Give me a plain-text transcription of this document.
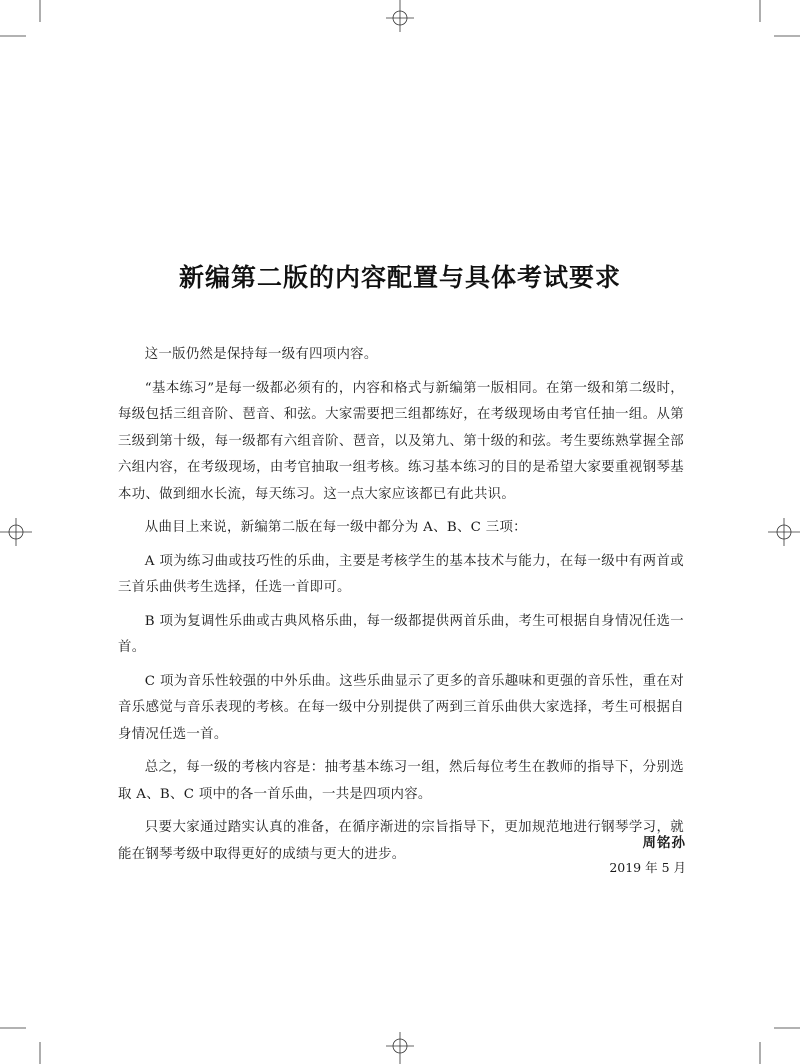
新编第二版的内容配置与具体考试要求

这一版仍然是保持每一级有四项内容。

“基本练习”是每一级都必须有的，内容和格式与新编第一版相同。在第一级和第二级时，每级包括三组音阶、琶音、和弦。大家需要把三组都练好，在考级现场由考官任抽一组。从第三级到第十级，每一级都有六组音阶、琶音，以及第九、第十级的和弦。考生要练熟掌握全部六组内容，在考级现场，由考官抽取一组考核。练习基本练习的目的是希望大家要重视钢琴基本功、做到细水长流，每天练习。这一点大家应该都已有此共识。

从曲目上来说，新编第二版在每一级中都分为 A、B、C 三项：

A 项为练习曲或技巧性的乐曲，主要是考核学生的基本技术与能力，在每一级中有两首或三首乐曲供考生选择，任选一首即可。

B 项为复调性乐曲或古典风格乐曲，每一级都提供两首乐曲，考生可根据自身情况任选一首。

C 项为音乐性较强的中外乐曲。这些乐曲显示了更多的音乐趣味和更强的音乐性，重在对音乐感觉与音乐表现的考核。在每一级中分别提供了两到三首乐曲供大家选择，考生可根据自身情况任选一首。

总之，每一级的考核内容是：抽考基本练习一组，然后每位考生在教师的指导下，分别选取 A、B、C 项中的各一首乐曲，一共是四项内容。

只要大家通过踏实认真的准备，在循序渐进的宗旨指导下，更加规范地进行钢琴学习，就能在钢琴考级中取得更好的成绩与更大的进步。

周铭孙
2019 年 5 月
